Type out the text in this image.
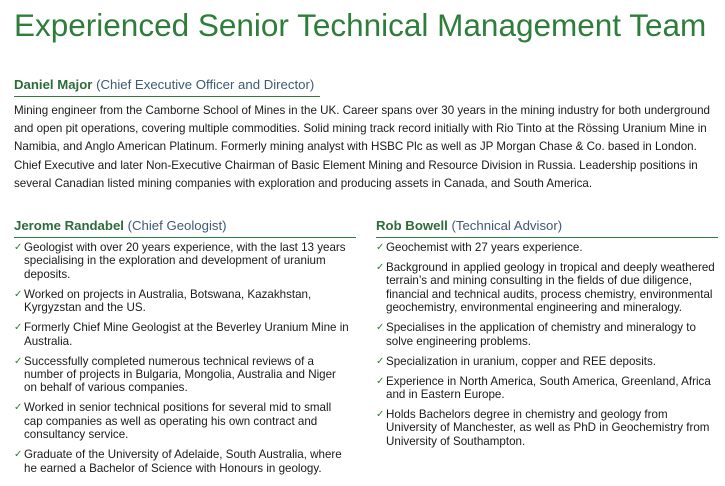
Experienced Senior Technical Management Team
Daniel Major (Chief Executive Officer and Director)

Mining engineer from the Camborne School of Mines in the UK. Career spans over 30 years in the mining industry for both underground and open pit operations, covering multiple commodities. Solid mining track record initially with Rio Tinto at the Rössing Uranium Mine in Namibia, and Anglo American Platinum. Formerly mining analyst with HSBC Plc as well as JP Morgan Chase & Co. based in London. Chief Executive and later Non-Executive Chairman of Basic Element Mining and Resource Division in Russia. Leadership positions in several Canadian listed mining companies with exploration and producing assets in Canada, and South America.

Jerome Randabel (Chief Geologist)
✓ Geologist with over 20 years experience, with the last 13 years specialising in the exploration and development of uranium deposits.
✓ Worked on projects in Australia, Botswana, Kazakhstan, Kyrgyzstan and the US.
✓ Formerly Chief Mine Geologist at the Beverley Uranium Mine in Australia.
✓ Successfully completed numerous technical reviews of a number of projects in Bulgaria, Mongolia, Australia and Niger on behalf of various companies.
✓ Worked in senior technical positions for several mid to small cap companies as well as operating his own contract and consultancy service.
✓ Graduate of the University of Adelaide, South Australia, where he earned a Bachelor of Science with Honours in geology.
Rob Bowell (Technical Advisor)
✓ Geochemist with 27 years experience.
✓ Background in applied geology in tropical and deeply weathered terrain’s and mining consulting in the fields of due diligence, financial and technical audits, process chemistry, environmental geochemistry, environmental engineering and mineralogy.
✓ Specialises in the application of chemistry and mineralogy to solve engineering problems.
✓ Specialization in uranium, copper and REE deposits.
✓ Experience in North America, South America, Greenland, Africa and in Eastern Europe.
✓ Holds Bachelors degree in chemistry and geology from University of Manchester, as well as PhD in Geochemistry from University of Southampton.
